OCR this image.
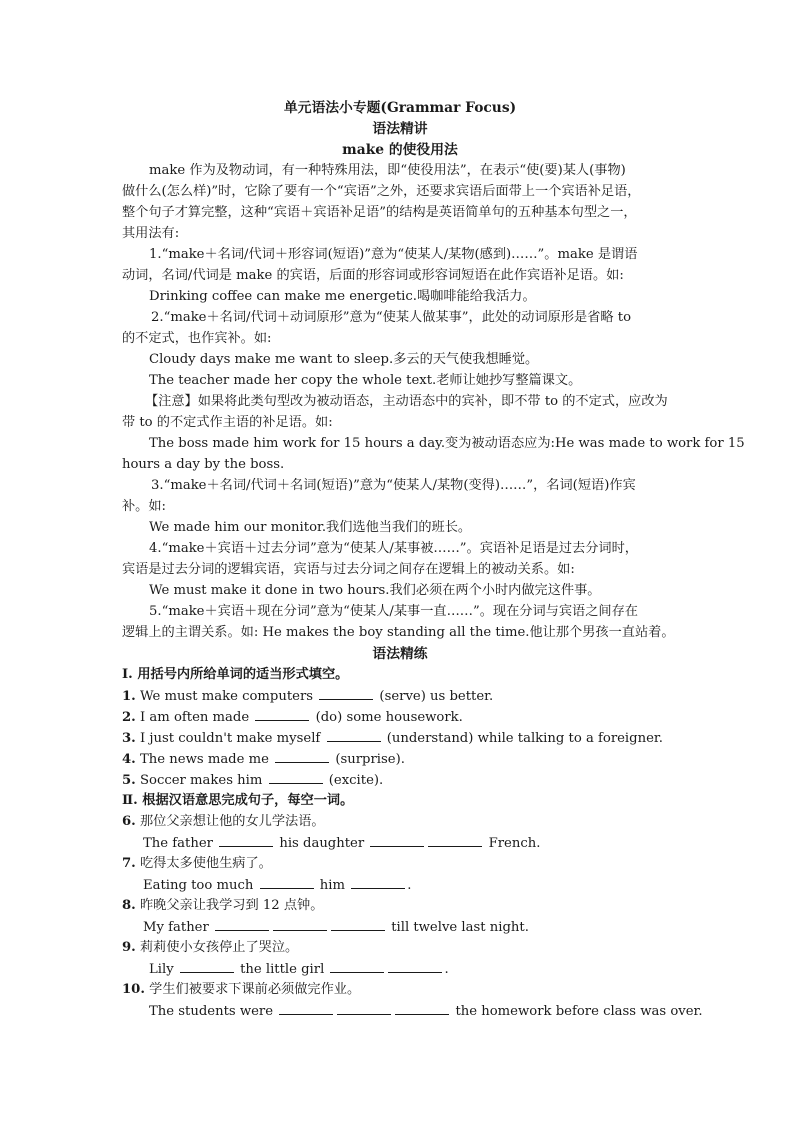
单元语法小专题(Grammar Focus)

语法精讲

make 的使役用法

make 作为及物动词，有一种特殊用法，即“使役用法”，在表示“使(要)某人(事物)

做什么(怎么样)”时，它除了要有一个“宾语”之外，还要求宾语后面带上一个宾语补足语，

整个句子才算完整，这种“宾语＋宾语补足语”的结构是英语简单句的五种基本句型之一，

其用法有:

1.“make＋名词/代词＋形容词(短语)”意为“使某人/某物(感到)……”。make 是谓语

动词，名词/代词是 make 的宾语，后面的形容词或形容词短语在此作宾语补足语。如:

Drinking coffee can make me energetic.喝咖啡能给我活力。

2.“make＋名词/代词＋动词原形”意为“使某人做某事”，此处的动词原形是省略 to

的不定式，也作宾补。如:

Cloudy days make me want to sleep.多云的天气使我想睡觉。

The teacher made her copy the whole text.老师让她抄写整篇课文。

【注意】如果将此类句型改为被动语态，主动语态中的宾补，即不带 to 的不定式，应改为

带 to 的不定式作主语的补足语。如:

The boss made him work for 15 hours a day.变为被动语态应为:He was made to work for 15

hours a day by the boss.

3.“make＋名词/代词＋名词(短语)”意为“使某人/某物(变得)……”，名词(短语)作宾

补。如:

We made him our monitor.我们选他当我们的班长。

4.“make＋宾语＋过去分词”意为“使某人/某事被……”。宾语补足语是过去分词时，

宾语是过去分词的逻辑宾语，宾语与过去分词之间存在逻辑上的被动关系。如:

We must make it done in two hours.我们必须在两个小时内做完这件事。

5.“make＋宾语＋现在分词”意为“使某人/某事一直……”。现在分词与宾语之间存在

逻辑上的主谓关系。如: He makes the boy standing all the time.他让那个男孩一直站着。

语法精练

Ⅰ. 用括号内所给单词的适当形式填空。

1. We must make computers	(serve) us better.

2. I am often made	(do) some housework.

3. I just couldn't make myself	(understand) while talking to a foreigner.

4. The news made me	(surprise).

5. Soccer makes him	(excite).

Ⅱ. 根据汉语意思完成句子，每空一词。

6. 那位父亲想让他的女儿学法语。

The father	his daughter	French.

7. 吃得太多使他生病了。

Eating too much	him	.

8. 昨晚父亲让我学习到 12 点钟。

My father	till twelve last night.

9. 莉莉使小女孩停止了哭泣。

Lily	the little girl	.

10. 学生们被要求下课前必须做完作业。

The students were	the homework before class was over.
